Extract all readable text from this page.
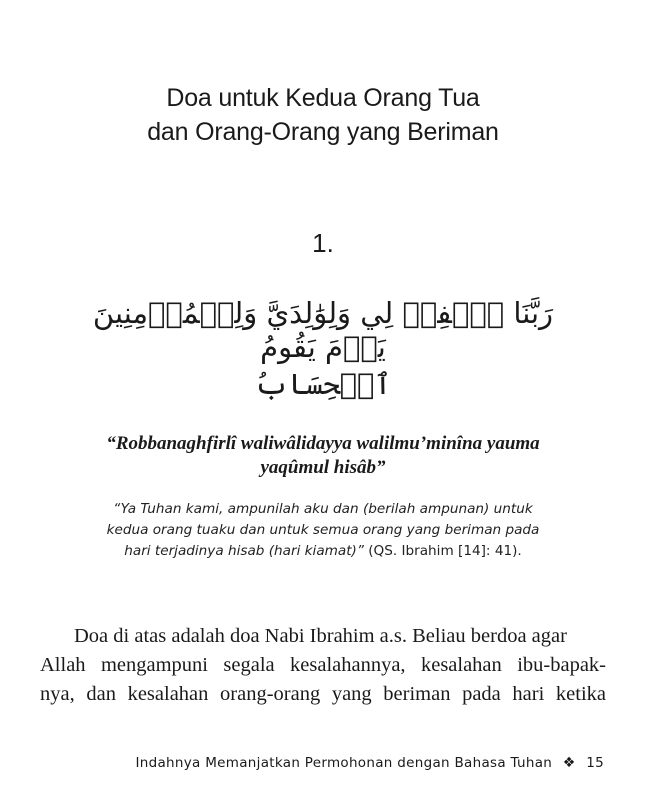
Doa untuk Kedua Orang Tua
dan Orang-Orang yang Beriman
1.
رَبَّنَا ٱغۡفِرۡ لِي وَلِوَٰلِدَيَّ وَلِلۡمُؤۡمِنِينَ يَوۡمَ يَقُومُ
ٱلۡحِسَابُ
“Robbanaghfirlî waliwâlidayya walilmu’minîna yauma
yaqûmul hisâb”
“Ya Tuhan kami, ampunilah aku dan (berilah ampunan) untuk
kedua orang tuaku dan untuk semua orang yang beriman pada
hari terjadinya hisab (hari kiamat)” (QS. Ibrahim [14]: 41).
Doa di atas adalah doa Nabi Ibrahim a.s. Beliau berdoa agar
Allah mengampuni segala kesalahannya, kesalahan ibu-bapak-
nya, dan kesalahan orang-orang yang beriman pada hari ketika
Indahnya Memanjatkan Permohonan dengan Bahasa Tuhan ❖ 15
